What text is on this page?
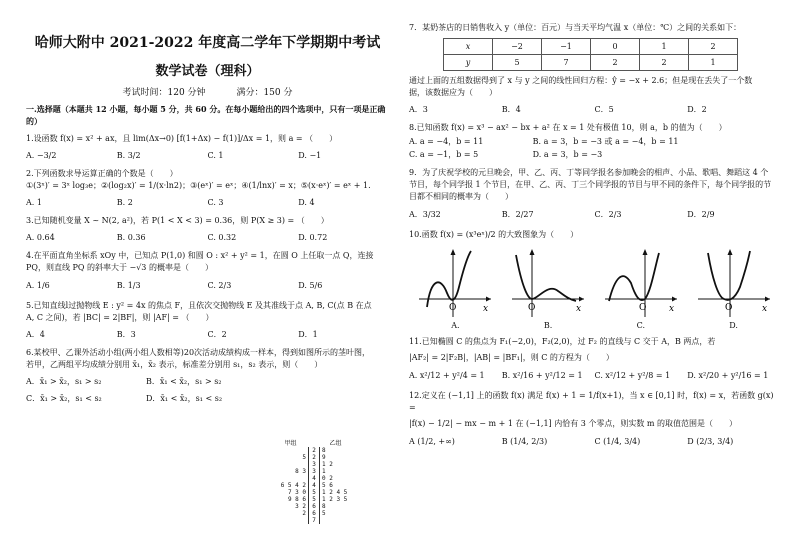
哈师大附中 2021-2022 年度高二学年下学期期中考试
数学试卷（理科）
考试时间：120 分钟	满分：150 分

一.选择题（本题共 12 小题，每小题 5 分，共 60 分。在每小题给出的四个选项中，只有一项是正确的）

1.设函数 f(x) = x² + ax，且 lim(Δx→0) [f(1+Δx) − f(1)]/Δx = 1，则 a = （　　）

A. −3/2	B. 3/2	C. 1	D. −1

2.下列函数求导运算正确的个数是（　　）

①(3ˣ)′ = 3ˣ log₃e；②(log₂x)′ = 1/(x·ln2)；③(eˣ)′ = eˣ；④(1/lnx)′ = x；⑤(x·eˣ)′ = eˣ + 1.

A. 1	B. 2	C. 3	D. 4

3.已知随机变量 X ~ N(2, a²)，若 P(1 < X < 3) = 0.36，则 P(X ≥ 3) = （　　）

A. 0.64	B. 0.36	C. 0.32	D. 0.72

4.在平面直角坐标系 xOy 中，已知点 P(1,0) 和圆 O : x² + y² = 1，在圆 O 上任取一点 Q，连接

PQ，则直线 PQ 的斜率大于 −√3 的概率是（　　）

A. 1/6	B. 1/3	C. 2/3	D. 5/6

5.已知直线l过抛物线 E : y² = 4x 的焦点 F，且依次交抛物线 E 及其准线于点 A, B, C(点 B 在点

A, C 之间)，若 |BC| = 2|BF|，则 |AF| = （　　）

A．4	B．3	C．2	D．1

6.某校甲、乙课外活动小组(两小组人数相等)20次活动成绩构成一样本，得到如图所示的茎叶图，

若甲，乙两组平均成绩分别用 x̄₁，x̄₂ 表示，标准差分别用 s₁，s₂ 表示，则（　　）

A．x̄₁ > x̄₂，s₁ > s₂	B．x̄₁ < x̄₂，s₁ > s₂
C．x̄₁ > x̄₂，s₁ < s₂	D．x̄₁ < x̄₂，s₁ < s₂
甲组	乙组
2	8
5	2	9
3	1 2
8 3	3	1
4	0 2
6 5 4 2	4	5 6
7 3 0	5	1 2 4 5
9 8 6	5	1 2 3 5
3 2	6	8
2	6	5
7

7．某奶茶店的日销售收入 y（单位：百元）与当天平均气温 x（单位：℃）之间的关系如下：

x	−2	−1	0	1	2
y	5	7	2	2	1

通过上面的五组数据得到了 x 与 y 之间的线性回归方程：ŷ = −x + 2.6；但是现在丢失了一个数

据，该数据应为（　　）

A．3	B．4	C．5	D．2

8.已知函数 f(x) = x³ − ax² − bx + a² 在 x = 1 处有极值 10，则 a，b 的值为（　　）

A. a = −4，b = 11	B. a = 3，b = −3 或 a = −4，b = 11
C. a = −1，b = 5	D. a = 3，b = −3

9．为了庆祝学校的元旦晚会，甲、乙、丙、丁等同学报名参加晚会的相声、小品、歌唱、舞蹈这 4 个

节目，每个同学报 1 个节目，在甲、乙、丙、丁三个同学报的节目与甲不同的条件下，每个同学报的节

目都不相同的概率为（　　）

A．3/32	B．2/27	C．2/3	D．2/9

10.函数 f(x) = (x³eˣ)/2 的大致图象为（　　）

O	x
A.
O	x
B.
O	x
C.
O	x
D.

11.已知椭圆 C 的焦点为 F₁(−2,0)，F₂(2,0)，过 F₂ 的直线与 C 交于 A，B 两点，若

|AF₂| = 2|F₂B|，|AB| = |BF₁|，则 C 的方程为（　　）

A. x²/12 + y²/4 = 1	B. x²/16 + y²/12 = 1	C. x²/12 + y²/8 = 1	D. x²/20 + y²/16 = 1

12.定义在 (−1,1] 上的函数 f(x) 满足 f(x) + 1 = 1/f(x+1)，当 x ∈ [0,1] 时，f(x) = x，若函数 g(x) =

|f(x) − 1/2| − mx − m + 1 在 (−1,1] 内恰有 3 个零点，则实数 m 的取值范围是（　　）

A (1/2, +∞)	B (1/4, 2/3)	C (1/4, 3/4)	D (2/3, 3/4)
